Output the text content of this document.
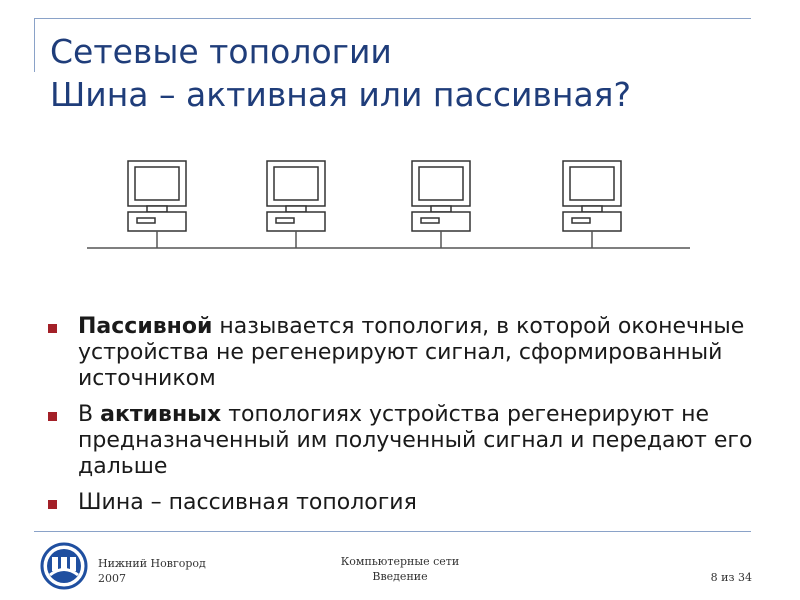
Сетевые топологии
Шина – активная или пассивная?
Пассивной называется топология, в которой оконечные устройства не регенерируют сигнал, сформированный источником
В активных топологиях устройства регенерируют не предназначенный им полученный сигнал и передают его дальше
Шина – пассивная топология
Нижний Новгород
2007
Компьютерные сети
Введение	8 из 34
